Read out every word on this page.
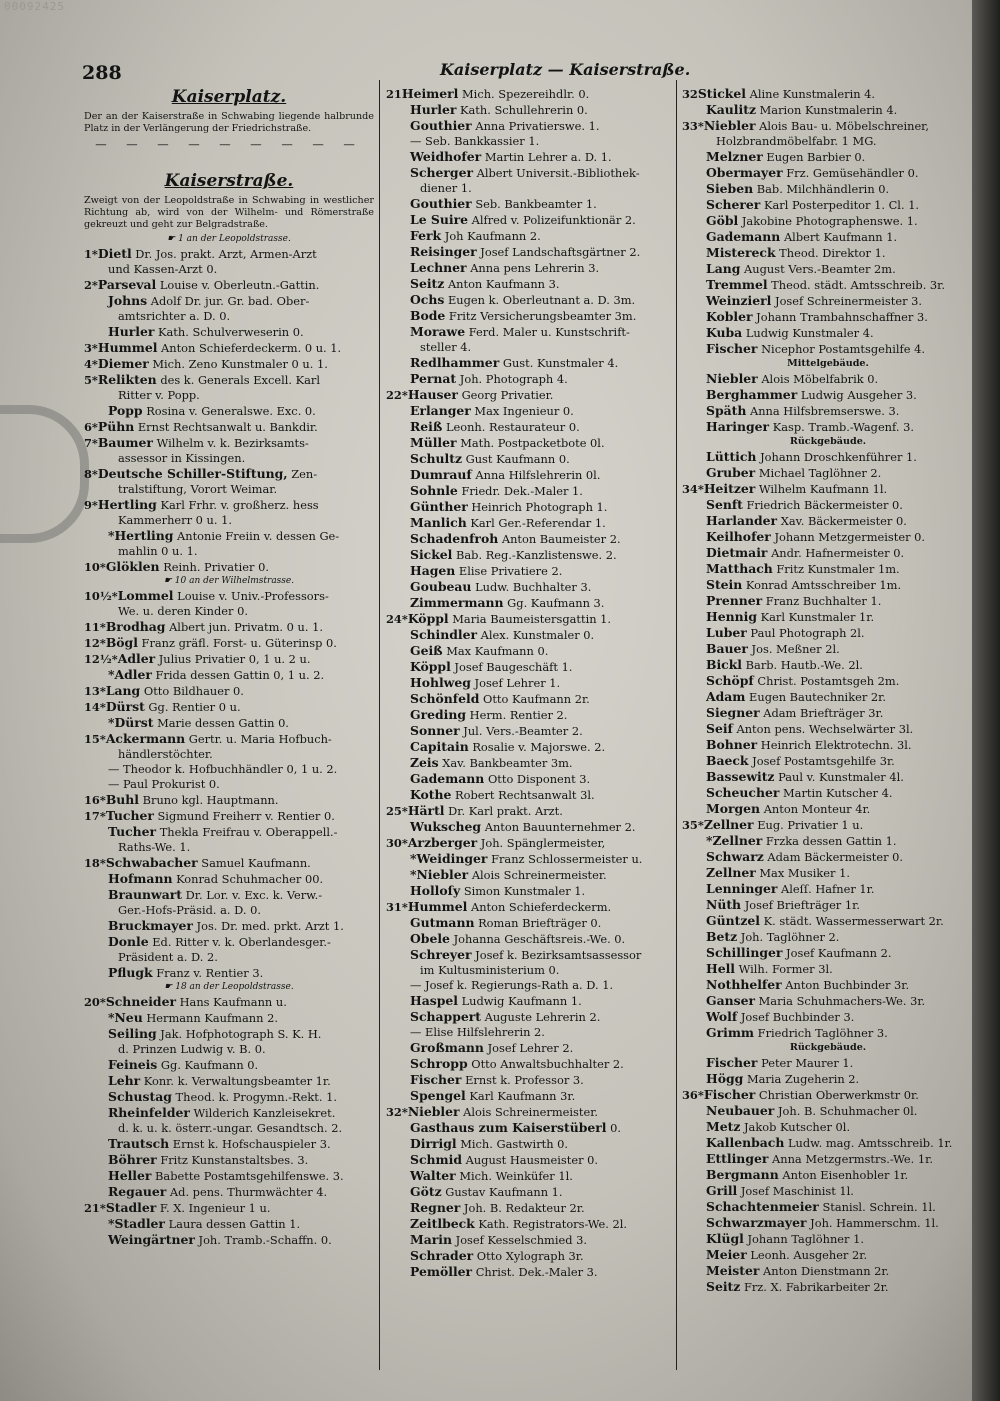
00092425
288	Kaiserplatz — Kaiserstraße.
Kaiserplatz.
Der an der Kaiserstraße in Schwabing liegende halbrunde Platz in der Verlängerung der Friedrichstraße.
— — — — — — — — —
Kaiserstraße.
Zweigt von der Leopoldstraße in Schwabing in westlicher Richtung ab, wird von der Wilhelm- und Römerstraße gekreuzt und geht zur Belgradstraße.
☛ 1 an der Leopoldstrasse.
1*Dietl Dr. Jos. prakt. Arzt, Armen-Arzt
und Kassen-Arzt 0.
2*Parseval Louise v. Oberleutn.-Gattin.
Johns Adolf Dr. jur. Gr. bad. Ober-
amtsrichter a. D. 0.
Hurler Kath. Schulverweserin 0.
3*Hummel Anton Schieferdeckerm. 0 u. 1.
4*Diemer Mich. Zeno Kunstmaler 0 u. 1.
5*Relikten des k. Generals Excell. Karl
Ritter v. Popp.
Popp Rosina v. Generalswe. Exc. 0.
6*Pühn Ernst Rechtsanwalt u. Bankdir.
7*Baumer Wilhelm v. k. Bezirksamts-
assessor in Kissingen.
8*Deutsche Schiller-Stiftung, Zen-
tralstiftung, Vorort Weimar.
9*Hertling Karl Frhr. v. großherz. hess
Kammerherr 0 u. 1.
*Hertling Antonie Freiin v. dessen Ge-
mahlin 0 u. 1.
10*Glöklen Reinh. Privatier 0.
☛ 10 an der Wilhelmstrasse.
10½*Lommel Louise v. Univ.-Professors-
We. u. deren Kinder 0.
11*Brodhag Albert jun. Privatm. 0 u. 1.
12*Bögl Franz gräfl. Forst- u. Güterinsp 0.
12½*Adler Julius Privatier 0, 1 u. 2 u.
*Adler Frida dessen Gattin 0, 1 u. 2.
13*Lang Otto Bildhauer 0.
14*Dürst Gg. Rentier 0 u.
*Dürst Marie dessen Gattin 0.
15*Ackermann Gertr. u. Maria Hofbuch-
händlerstöchter.
— Theodor k. Hofbuchhändler 0, 1 u. 2.
— Paul Prokurist 0.
16*Buhl Bruno kgl. Hauptmann.
17*Tucher Sigmund Freiherr v. Rentier 0.
Tucher Thekla Freifrau v. Oberappell.-
Raths-We. 1.
18*Schwabacher Samuel Kaufmann.
Hofmann Konrad Schuhmacher 00.
Braunwart Dr. Lor. v. Exc. k. Verw.-
Ger.-Hofs-Präsid. a. D. 0.
Bruckmayer Jos. Dr. med. prkt. Arzt 1.
Donle Ed. Ritter v. k. Oberlandesger.-
Präsident a. D. 2.
Pflugk Franz v. Rentier 3.
☛ 18 an der Leopoldstrasse.
20*Schneider Hans Kaufmann u.
*Neu Hermann Kaufmann 2.
Seiling Jak. Hofphotograph S. K. H.
d. Prinzen Ludwig v. B. 0.
Feineis Gg. Kaufmann 0.
Lehr Konr. k. Verwaltungsbeamter 1r.
Schustag Theod. k. Progymn.-Rekt. 1.
Rheinfelder Wilderich Kanzleisekret.
d. k. u. k. österr.-ungar. Gesandtsch. 2.
Trautsch Ernst k. Hofschauspieler 3.
Böhrer Fritz Kunstanstaltsbes. 3.
Heller Babette Postamtsgehilfenswe. 3.
Regauer Ad. pens. Thurmwächter 4.
21*Stadler F. X. Ingenieur 1 u.
*Stadler Laura dessen Gattin 1.
Weingärtner Joh. Tramb.-Schaffn. 0.
21Heimerl Mich. Spezereihdlr. 0.
Hurler Kath. Schullehrerin 0.
Gouthier Anna Privatierswe. 1.
— Seb. Bankkassier 1.
Weidhofer Martin Lehrer a. D. 1.
Scherger Albert Universit.-Bibliothek-
diener 1.
Gouthier Seb. Bankbeamter 1.
Le Suire Alfred v. Polizeifunktionär 2.
Ferk Joh Kaufmann 2.
Reisinger Josef Landschaftsgärtner 2.
Lechner Anna pens Lehrerin 3.
Seitz Anton Kaufmann 3.
Ochs Eugen k. Oberleutnant a. D. 3m.
Bode Fritz Versicherungsbeamter 3m.
Morawe Ferd. Maler u. Kunstschrift-
steller 4.
Redlhammer Gust. Kunstmaler 4.
Pernat Joh. Photograph 4.
22*Hauser Georg Privatier.
Erlanger Max Ingenieur 0.
Reiß Leonh. Restaurateur 0.
Müller Math. Postpacketbote 0l.
Schultz Gust Kaufmann 0.
Dumrauf Anna Hilfslehrerin 0l.
Sohnle Friedr. Dek.-Maler 1.
Günther Heinrich Photograph 1.
Manlich Karl Ger.-Referendar 1.
Schadenfroh Anton Baumeister 2.
Sickel Bab. Reg.-Kanzlistenswe. 2.
Hagen Elise Privatiere 2.
Goubeau Ludw. Buchhalter 3.
Zimmermann Gg. Kaufmann 3.
24*Köppl Maria Baumeistersgattin 1.
Schindler Alex. Kunstmaler 0.
Geiß Max Kaufmann 0.
Köppl Josef Baugeschäft 1.
Hohlweg Josef Lehrer 1.
Schönfeld Otto Kaufmann 2r.
Greding Herm. Rentier 2.
Sonner Jul. Vers.-Beamter 2.
Capitain Rosalie v. Majorswe. 2.
Zeis Xav. Bankbeamter 3m.
Gademann Otto Disponent 3.
Kothe Robert Rechtsanwalt 3l.
25*Härtl Dr. Karl prakt. Arzt.
Wukscheg Anton Bauunternehmer 2.
30*Arzberger Joh. Spänglermeister,
*Weidinger Franz Schlossermeister u.
*Niebler Alois Schreinermeister.
Holloſy Simon Kunstmaler 1.
31*Hummel Anton Schieferdeckerm.
Gutmann Roman Briefträger 0.
Obele Johanna Geschäftsreis.-We. 0.
Schreyer Josef k. Bezirksamtsassessor
im Kultusministerium 0.
— Josef k. Regierungs-Rath a. D. 1.
Haspel Ludwig Kaufmann 1.
Schappert Auguste Lehrerin 2.
— Elise Hilfslehrerin 2.
Großmann Josef Lehrer 2.
Schropp Otto Anwaltsbuchhalter 2.
Fischer Ernst k. Professor 3.
Spengel Karl Kaufmann 3r.
32*Niebler Alois Schreinermeister.
Gasthaus zum Kaiserstüberl 0.
Dirrigl Mich. Gastwirth 0.
Schmid August Hausmeister 0.
Walter Mich. Weinküfer 1l.
Götz Gustav Kaufmann 1.
Regner Joh. B. Redakteur 2r.
Zeitlbeck Kath. Registrators-We. 2l.
Marin Josef Kesselschmied 3.
Schrader Otto Xylograph 3r.
Pemöller Christ. Dek.-Maler 3.
32Stickel Aline Kunstmalerin 4.
Kaulitz Marion Kunstmalerin 4.
33*Niebler Alois Bau- u. Möbelschreiner,
Holzbrandmöbelfabr. 1 MG.
Melzner Eugen Barbier 0.
Obermayer Frz. Gemüsehändler 0.
Sieben Bab. Milchhändlerin 0.
Scherer Karl Posterpeditor 1. Cl. 1.
Göbl Jakobine Photographenswe. 1.
Gademann Albert Kaufmann 1.
Mistereck Theod. Direktor 1.
Lang August Vers.-Beamter 2m.
Tremmel Theod. städt. Amtsschreib. 3r.
Weinzierl Josef Schreinermeister 3.
Kobler Johann Trambahnschaffner 3.
Kuba Ludwig Kunstmaler 4.
Fischer Nicephor Postamtsgehilfe 4.
Mittelgebäude.
Niebler Alois Möbelfabrik 0.
Berghammer Ludwig Ausgeher 3.
Späth Anna Hilfsbremserswe. 3.
Haringer Kasp. Tramb.-Wagenf. 3.
Rückgebäude.
Lüttich Johann Droschkenführer 1.
Gruber Michael Taglöhner 2.
34*Heitzer Wilhelm Kaufmann 1l.
Senft Friedrich Bäckermeister 0.
Harlander Xav. Bäckermeister 0.
Keilhofer Johann Metzgermeister 0.
Dietmair Andr. Hafnermeister 0.
Matthach Fritz Kunstmaler 1m.
Stein Konrad Amtsschreiber 1m.
Prenner Franz Buchhalter 1.
Hennig Karl Kunstmaler 1r.
Luber Paul Photograph 2l.
Bauer Jos. Meßner 2l.
Bickl Barb. Hautb.-We. 2l.
Schöpf Christ. Postamtsgeh 2m.
Adam Eugen Bautechniker 2r.
Siegner Adam Briefträger 3r.
Seif Anton pens. Wechselwärter 3l.
Bohner Heinrich Elektrotechn. 3l.
Baeck Josef Postamtsgehilfe 3r.
Bassewitz Paul v. Kunstmaler 4l.
Scheucher Martin Kutscher 4.
Morgen Anton Monteur 4r.
35*Zellner Eug. Privatier 1 u.
*Zellner Frzka dessen Gattin 1.
Schwarz Adam Bäckermeister 0.
Zellner Max Musiker 1.
Lenninger Aleſſ. Hafner 1r.
Nüth Josef Briefträger 1r.
Güntzel K. städt. Wassermesserwart 2r.
Betz Joh. Taglöhner 2.
Schillinger Josef Kaufmann 2.
Hell Wilh. Former 3l.
Nothhelfer Anton Buchbinder 3r.
Ganser Maria Schuhmachers-We. 3r.
Wolf Josef Buchbinder 3.
Grimm Friedrich Taglöhner 3.
Rückgebäude.
Fischer Peter Maurer 1.
Högg Maria Zugeherin 2.
36*Fischer Christian Oberwerkmstr 0r.
Neubauer Joh. B. Schuhmacher 0l.
Metz Jakob Kutscher 0l.
Kallenbach Ludw. mag. Amtsschreib. 1r.
Ettlinger Anna Metzgermstrs.-We. 1r.
Bergmann Anton Eisenhobler 1r.
Grill Josef Maschinist 1l.
Schachtenmeier Stanisl. Schrein. 1l.
Schwarzmayer Joh. Hammerschm. 1l.
Klügl Johann Taglöhner 1.
Meier Leonh. Ausgeher 2r.
Meister Anton Dienstmann 2r.
Seitz Frz. X. Fabrikarbeiter 2r.
